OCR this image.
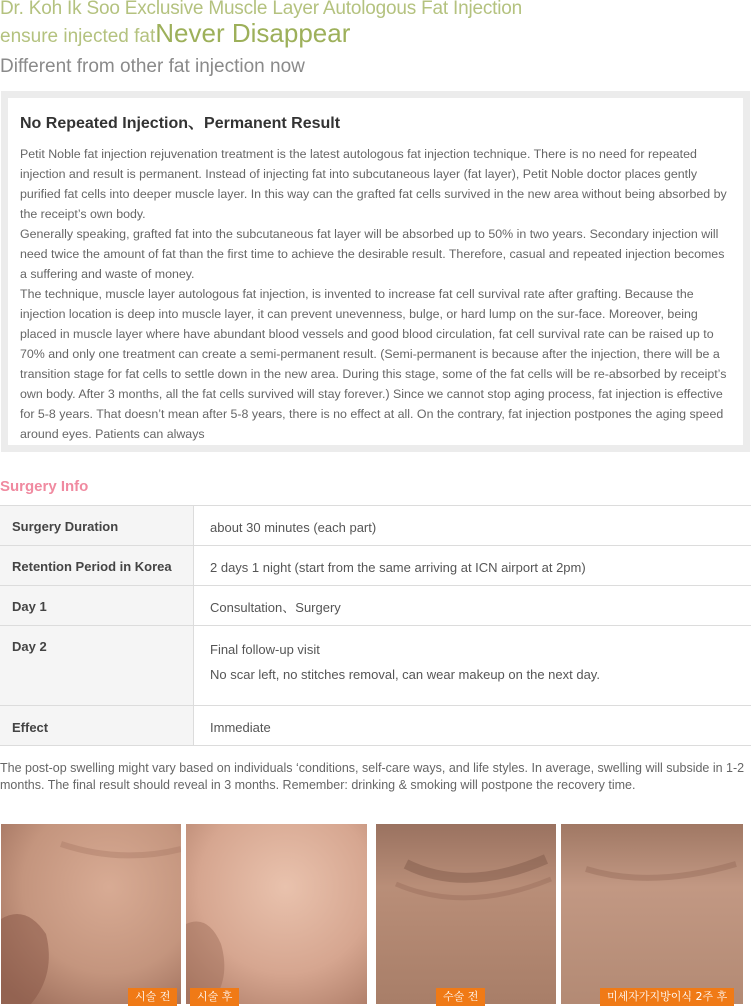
Dr. Koh Ik Soo Exclusive Muscle Layer Autologous Fat Injection
ensure injected fatNever Disappear
Different from other fat injection now
No Repeated Injection、Permanent Result

Petit Noble fat injection rejuvenation treatment is the latest autologous fat injection technique. There is no need for repeated injection and result is permanent. Instead of injecting fat into subcutaneous layer (fat layer), Petit Noble doctor places gently purified fat cells into deeper muscle layer. In this way can the grafted fat cells survived in the new area without being absorbed by the receipt’s own body.

Generally speaking, grafted fat into the subcutaneous fat layer will be absorbed up to 50% in two years. Secondary injection will need twice the amount of fat than the first time to achieve the desirable result. Therefore, casual and repeated injection becomes a suffering and waste of money.

The technique, muscle layer autologous fat injection, is invented to increase fat cell survival rate after grafting. Because the injection location is deep into muscle layer, it can prevent unevenness, bulge, or hard lump on the sur-face. Moreover, being placed in muscle layer where have abundant blood vessels and good blood circulation, fat cell survival rate can be raised up to 70% and only one treatment can create a semi-permanent result. (Semi-permanent is because after the injection, there will be a transition stage for fat cells to settle down in the new area. During this stage, some of the fat cells will be re-absorbed by receipt’s own body. After 3 months, all the fat cells survived will stay forever.) Since we cannot stop aging process, fat injection is effective for 5-8 years. That doesn’t mean after 5-8 years, there is no effect at all. On the contrary, fat injection postpones the aging speed around eyes. Patients can always

Surgery Info
Surgery Duration	about 30 minutes (each part)
Retention Period in Korea	2 days 1 night (start from the same arriving at ICN airport at 2pm)
Day 1	Consultation、Surgery
Day 2	Final follow-up visit
No scar left, no stitches removal, can wear makeup on the next day.
Effect	Immediate
The post-op swelling might vary based on individuals ‘conditions, self-care ways, and life styles. In average, swelling will subside in 1-2 months. The final result should reveal in 3 months. Remember: drinking & smoking will postpone the recovery time.
시술 전	시술 후	수술 전	미세자가지방이식 2주 후
